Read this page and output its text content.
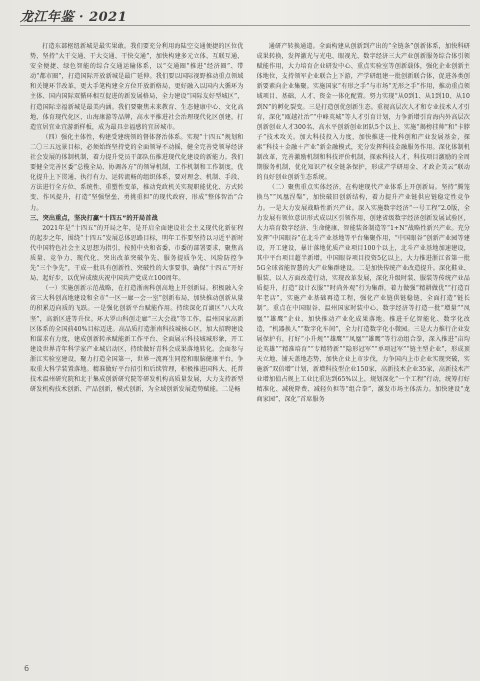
龙江年鉴 · 2021

打造东部枢纽新城是最实果敢。我们要充分利用海陆空交通便捷的区位优势，坚持“大干交通、干大交通、干快交通”，加快构建多元立体、互联互通、安全便捷、绿色智能的综合交通运输体系，以“交通圈”推进“经济圈”、带动“都市圈”，打造国际开放新城是最广延伸。我们要以国际视野推动重点领域和关键环节改革，更大手笔构建全方位开放新格局，更好融入以国内大循环为主体、国内国际双循环相互促进的新发展格局，全力建设“国际友好型城区”，打造国际幸福新城是最美内涵。我们要聚焦未来教育、生态健康中心、文化高地、体育现代化区、山海康游等品牌，高水平推进社会治理现代化区创建，打造宜居宜业宜游新样板，成为最具幸福感的宜居城市。

（四）强化主体性，构建受建统领的督体督治体系。实现“十四五”规划和二〇三五远景目标，必须始终坚持党的全面领导不动摇，健全完善党领导经济社会发展的体制机制，着力提升党员干部队伍推进现代化建设的新能力。我们要健全完善区委“总揽全局、协调各方”的领导机制，工作机制和工作制度，优化提升上下贯通、执行有力、运转流畅的组织体系，要对理念、机制、手段、方法进行全方位、系统性、重塑性变革，推动党政机关实现职能优化、方式转变、作风提升，打造“坚强堡垒，勇挑重担”的现代政府，形成“整体智治”合力。

三、突出重点，坚决打赢“十四五”的开局首战

2021年是“十四五”的开局之年，是开启全面建设社会主义现代化新征程的起步之年，围绕“十四五”发展总体思路目标，明年工作要坚持以习近平新时代中国特色社会主义思想为指引，按照中央和省委、市委的部署要求，聚焦高质量、竞争力、现代化、突出改革突破争先、服务提质争先、风险防控争先“三个争先”，干成一批具有创新性、突破性的大事要事，确保“十四五”开好局、起好步，以优异成绩庆祝中国共产党成立100周年。

（一）实施创新示范战略，在打造浙南科创高地上开创新局。积极融入全省三大科创高地建设和全市“一区一廊一会一室”创新布局，加快推动创新从量的积累迈向质的飞跃。一是强化创新平台赋能作用。持续深化百湖区“八大攻坚”，高新区进等升位。环大罗山科创走廊“三大会战”等工作，温州国家高新区体系的全国前40%目标迈进。高品质打造浙南科技城核心区，加大招聘建设和谋求有力度，建成创新转承赋能新工作平台、全面展示科技城城形象，开工建设世界青年科学家产业城启动区，持续做好青科会成果落地转化。会面参与浙江实验室建设，聚力打造全国第一，世界一流再生同控和眼脑健康平台，争取重大科学装置落地。精准做好平台招引和后续管理，积极推进国科大、托普技术温州研究院和北于集成创新研究院等研发机构高质量发展，大力支持新型研发机构技术创新、产品创新，模式创新，为全域创新发展造势赋能。二是畅

通研产转换通道。全面构建从创新到产出的“全链条”创新体系，加快科研成果转换，发挥激光与光电、眼视光、数字经济三大产业创新服务综合体引领赋能作用，大力培育企业研发中心、重点实验室等创新载体，强化企业创新主体地位，支持领军企业联合上下游，产学研组建一批创新联合体，促进各类创新要素向企业集聚。实施国家“有形之手”与市场“无形之手”作用，推动重点领域项目、基础、人才、资金一体化配置。努力实现“从0到1、从1到10、从10到N”的孵化裂变。三是打造创优创新生态。重视高层次人才和专业技术人才引育，深化“瓯越社治”“中峰英城”等人才引育计划，力争新增引育海内外高层次创新创业人才300名、高水平创新创业团队5个以上、实施“揭榜挂帅”和“卡脖子”技术攻关。加大科技投入力度，加快推进一批科创和产业发展基金，探索“科技＋金融＋产业”新金融模式，充分发挥科技金融服务作用。深化体制机制改革，完善激励机制和科技评价机制，探索科技人才、科技项目激励的全周期服务机制，优化知识产权全链条保护，形成产学研用金、才政企美云”联动的良好创业创新生态系统。

（二）聚焦重点实体经济，在构建现代产业体系上开创新局。坚持“腾笼换鸟”“凤凰涅槃”，加快破旧创新结构，着力提升产业链供应链稳定性竞争力。一是大力发展战略性新兴产业。深入实施数字经济“一号工程”2.0版，全力发展有领位意识形式成以区引领作用，创建省级数字经济创新发展试验区，大力培育数字经济、生命健康、智能装备制造等“1+N”战略性新兴产业。充分发挥“中国眼谷”在北斗产业基地等平台集聚作用，“中国眼谷”创新产业园等建设，开工建设，暴计落地优质产业项目100个以上，北斗产业基地加速建设，其中平台项目超半新增，中国眼谷项目投资5亿以上，大力推进浙江省第一批5G全球省能智慧的大产业集群建设。二是加快传统产业改造提升。深化鞋业、服装、以人方面改造行动，实现改革发展，深化升级时装、服装等传统产业品质提升，打造“设计衣服”“时尚外观”行为集群，着力做强“精耕做优”“打造百年老店”，实施产业基础再造工程，强化产业链供链稳链，全面打造“链长制”。重点在中国眼谷、温州国家时装中心、数字经济等打造一批“增量”“凤凰”“雄鹰”企业、加快推动产业化成果落地。推进千亿智能化、数字化改造，“机器换人”“数字化车间”，全力打造数字化小微园。三是大力推行企业发展保护有，打好“小升规”“雄鹰”“凤凰”“雄鹰”等行动组合拳，深入推进“亩均论英雄”“精准培育”“专精特新”“隐形冠军”“单项冠军”“链主型企业”，形成顶天立地、铺天盖地态势，加快企业上市步伐，力争国内上市企业实现突破，实施新“双倍增”计划，新增科技型企业150家，高新技术企业35家，高新技术产业增加值占规上工业比重达到65%以上，规划深化“一个工程”行动，统筹打好精准化、减税降费、减轻负担等“组合拳”，激发市场主体活力。加快建设“龙商家园”，深化“首席服务

6
